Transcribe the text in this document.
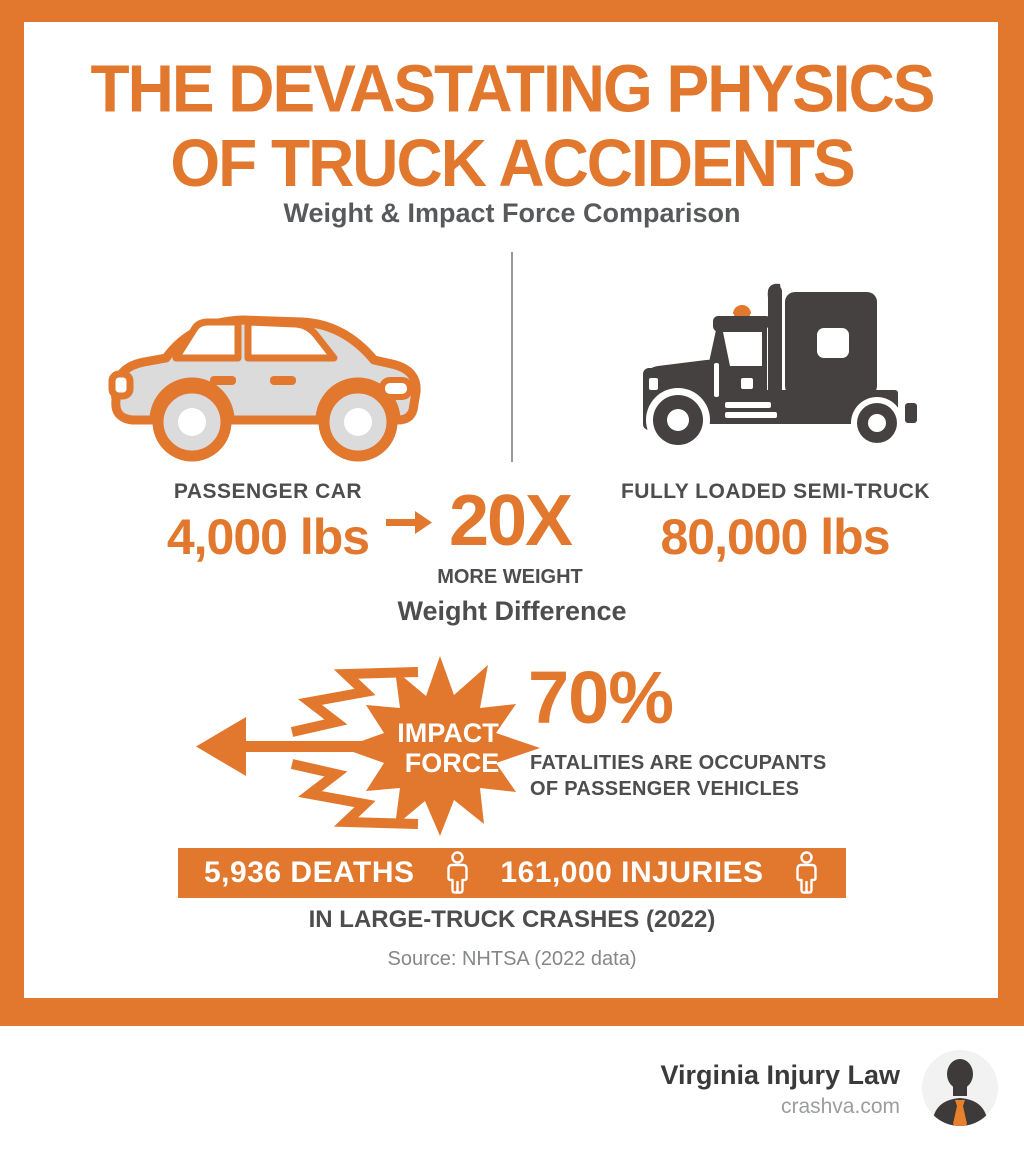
THE DEVASTATING PHYSICS
OF TRUCK ACCIDENTS
Weight & Impact Force Comparison
PASSENGER CAR
4,000 lbs
FULLY LOADED SEMI-TRUCK
80,000 lbs
20X
MORE WEIGHT
Weight Difference
IMPACT
FORCE
70%
FATALITIES ARE OCCUPANTS
OF PASSENGER VEHICLES
5,936 DEATHS	161,000 INJURIES
IN LARGE-TRUCK CRASHES (2022)
Source: NHTSA (2022 data)
Virginia Injury Law
crashva.com
